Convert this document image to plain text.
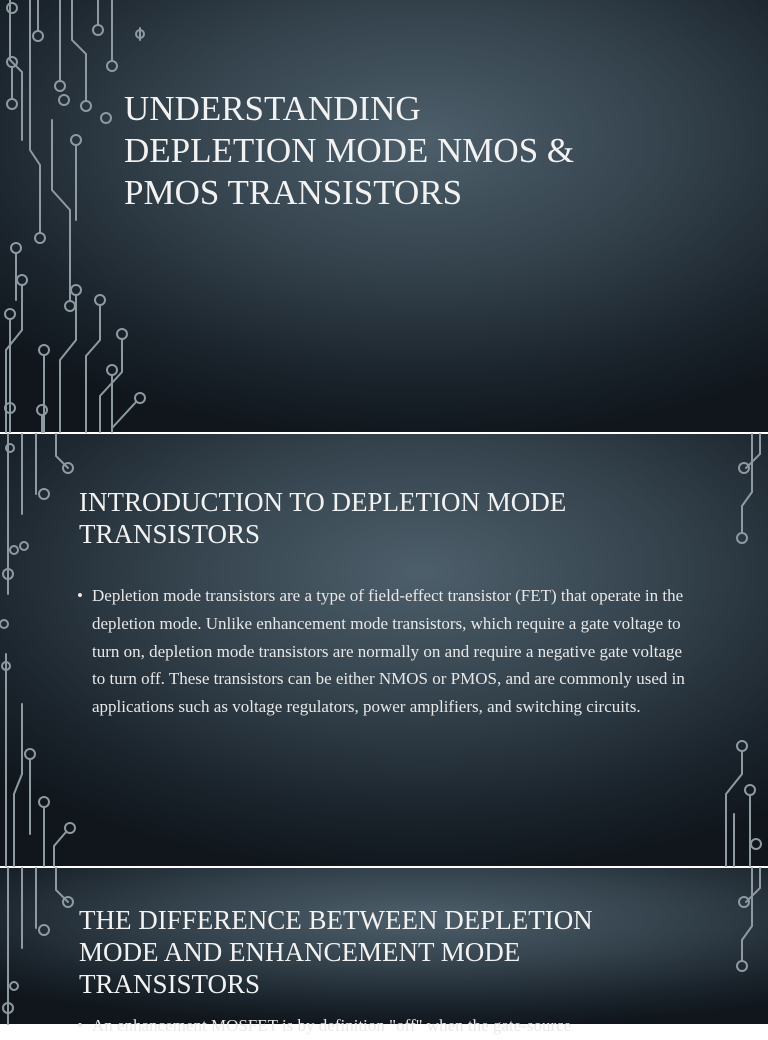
UNDERSTANDING
DEPLETION MODE NMOS &
PMOS TRANSISTORS
INTRODUCTION TO DEPLETION MODE
TRANSISTORS
• Depletion mode transistors are a type of field-effect transistor (FET) that operate in the depletion mode. Unlike enhancement mode transistors, which require a gate voltage to turn on, depletion mode transistors are normally on and require a negative gate voltage to turn off. These transistors can be either NMOS or PMOS, and are commonly used in applications such as voltage regulators, power amplifiers, and switching circuits.
THE DIFFERENCE BETWEEN DEPLETION
MODE AND ENHANCEMENT MODE
TRANSISTORS
• An enhancement MOSFET is by definition "off" when the gate-source
